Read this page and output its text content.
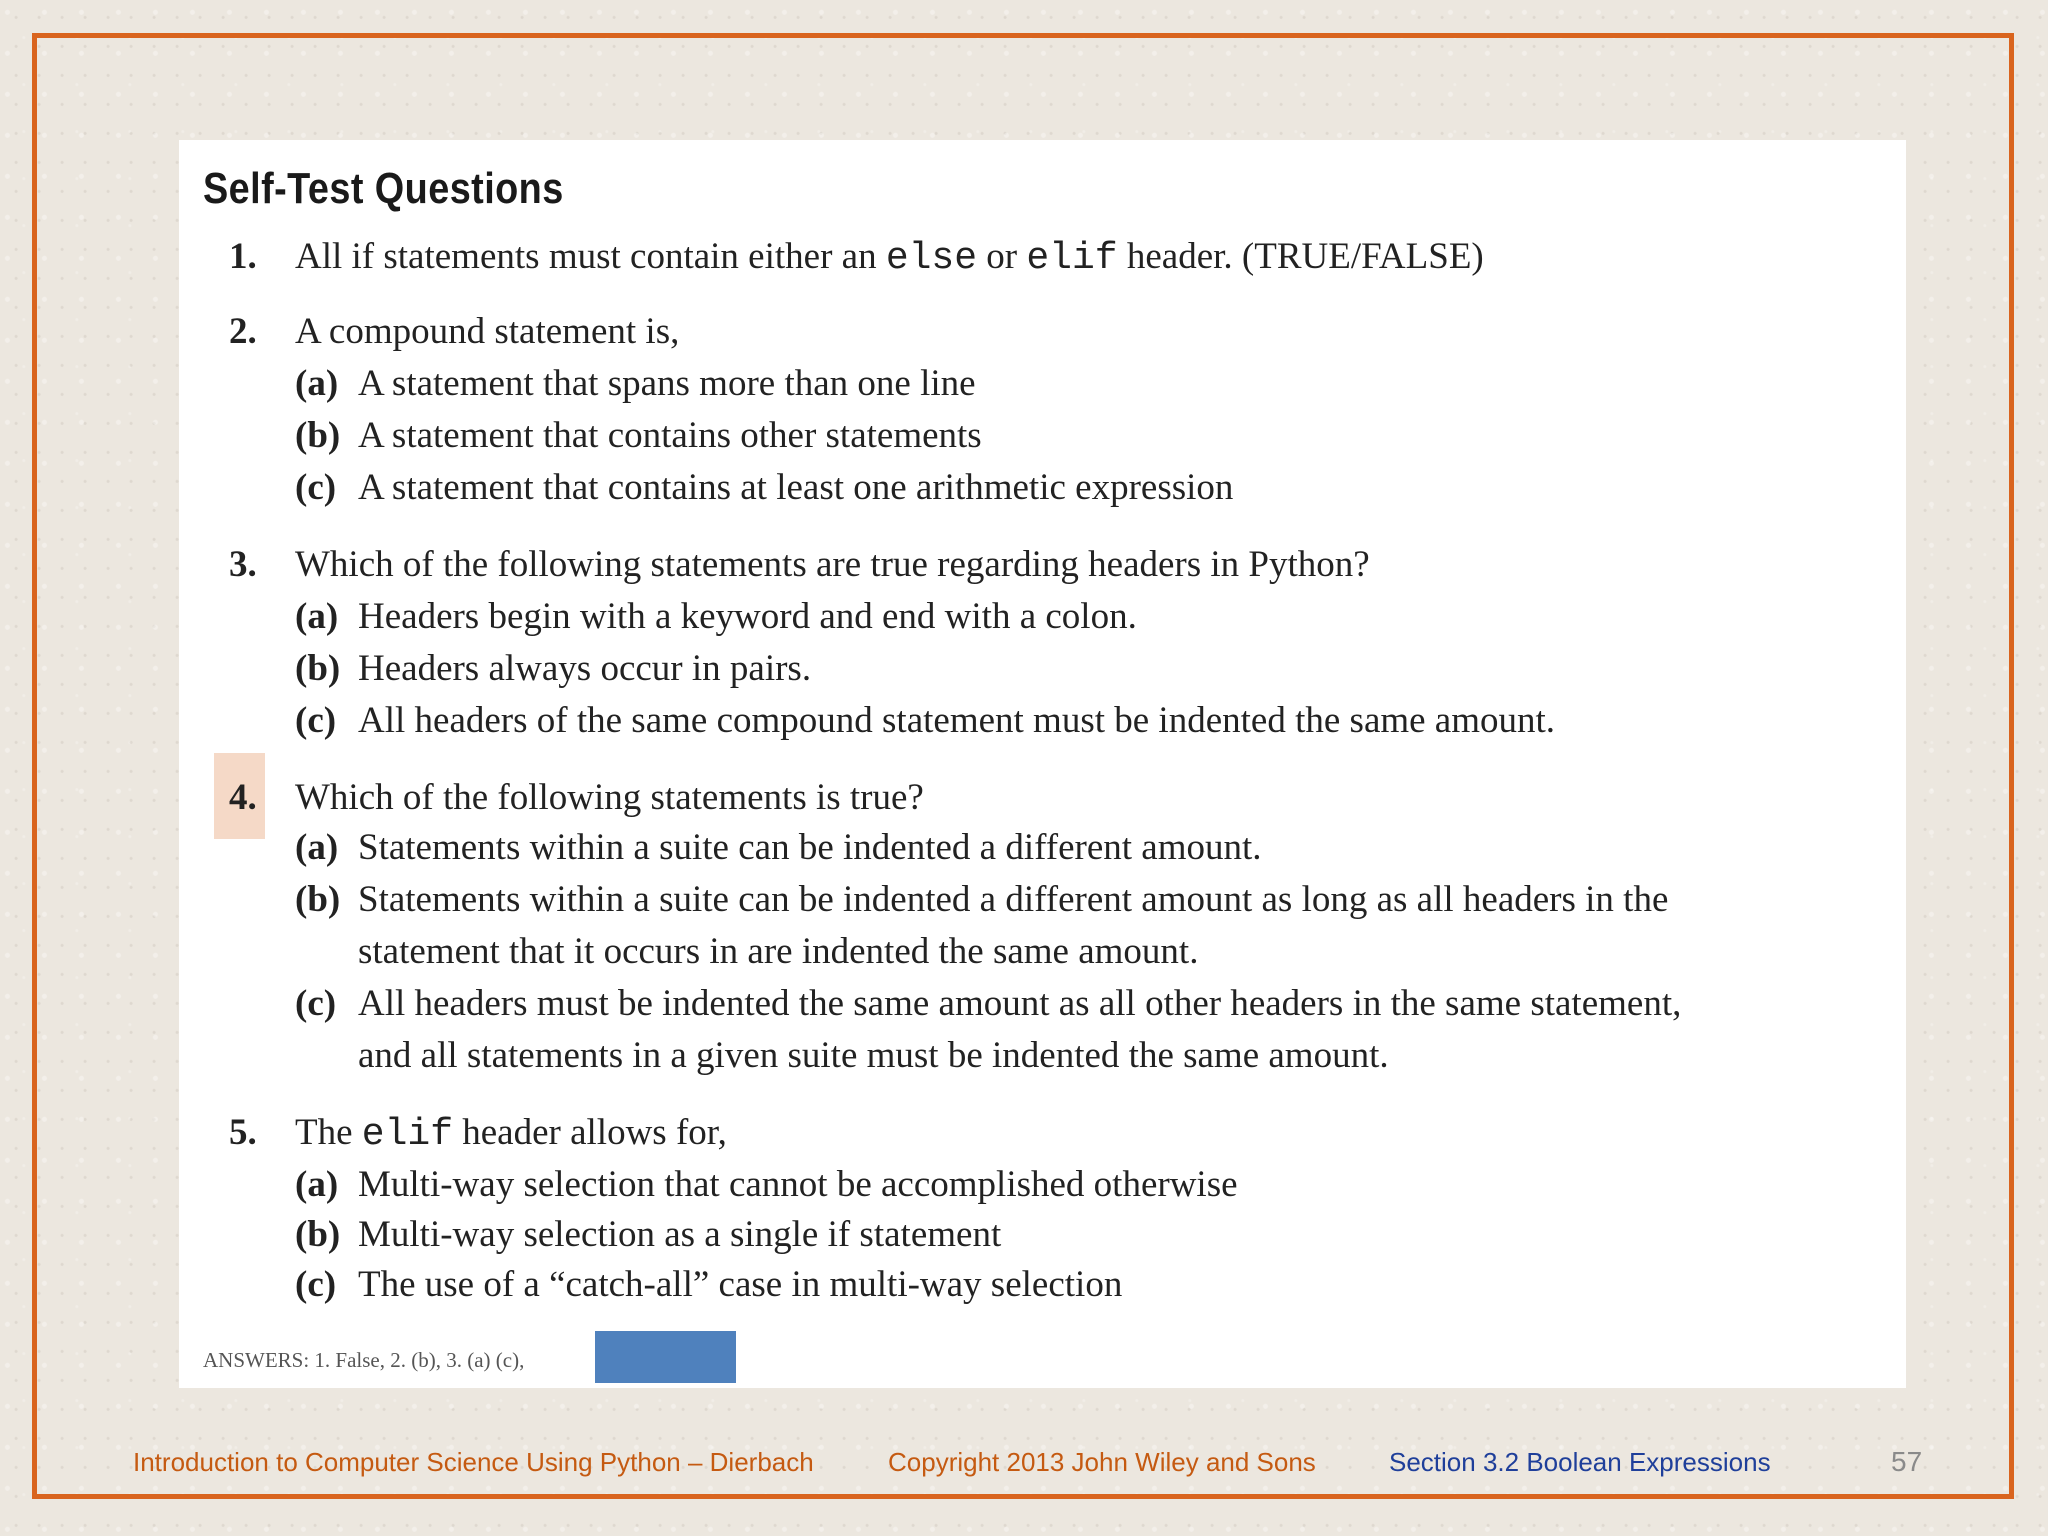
Self-Test Questions
1. All if statements must contain either an else or elif header. (TRUE/FALSE)
2. A compound statement is,
(a) A statement that spans more than one line
(b) A statement that contains other statements
(c) A statement that contains at least one arithmetic expression
3. Which of the following statements are true regarding headers in Python?
(a) Headers begin with a keyword and end with a colon.
(b) Headers always occur in pairs.
(c) All headers of the same compound statement must be indented the same amount.
4. Which of the following statements is true?
(a) Statements within a suite can be indented a different amount.
(b) Statements within a suite can be indented a different amount as long as all headers in the
statement that it occurs in are indented the same amount.
(c) All headers must be indented the same amount as all other headers in the same statement,
and all statements in a given suite must be indented the same amount.
5. The elif header allows for,
(a) Multi-way selection that cannot be accomplished otherwise
(b) Multi-way selection as a single if statement
(c) The use of a “catch-all” case in multi-way selection
ANSWERS: 1. False, 2. (b), 3. (a) (c),
Introduction to Computer Science Using Python – Dierbach	Copyright 2013 John Wiley and Sons	Section 3.2 Boolean Expressions	57
